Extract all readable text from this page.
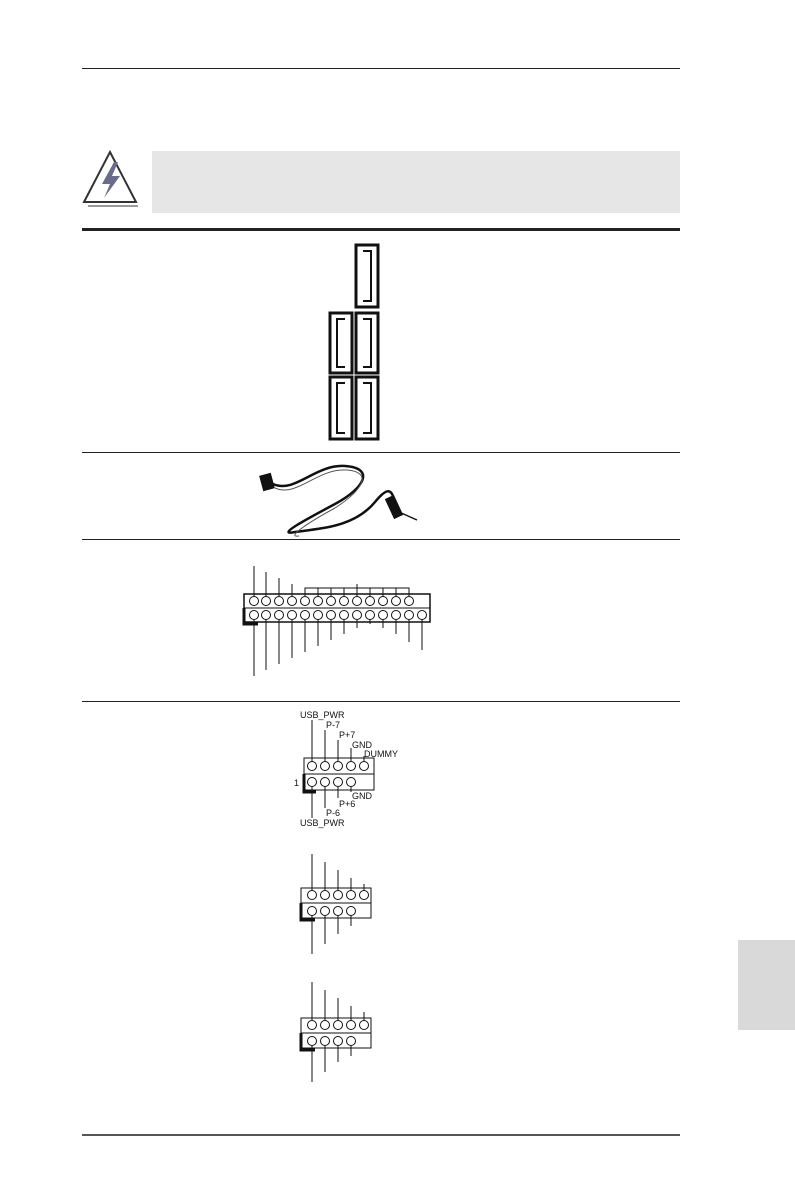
USB_PWR
P-7
P+7
GND
DUMMY
1
GND
P+6
P-6
USB_PWR
